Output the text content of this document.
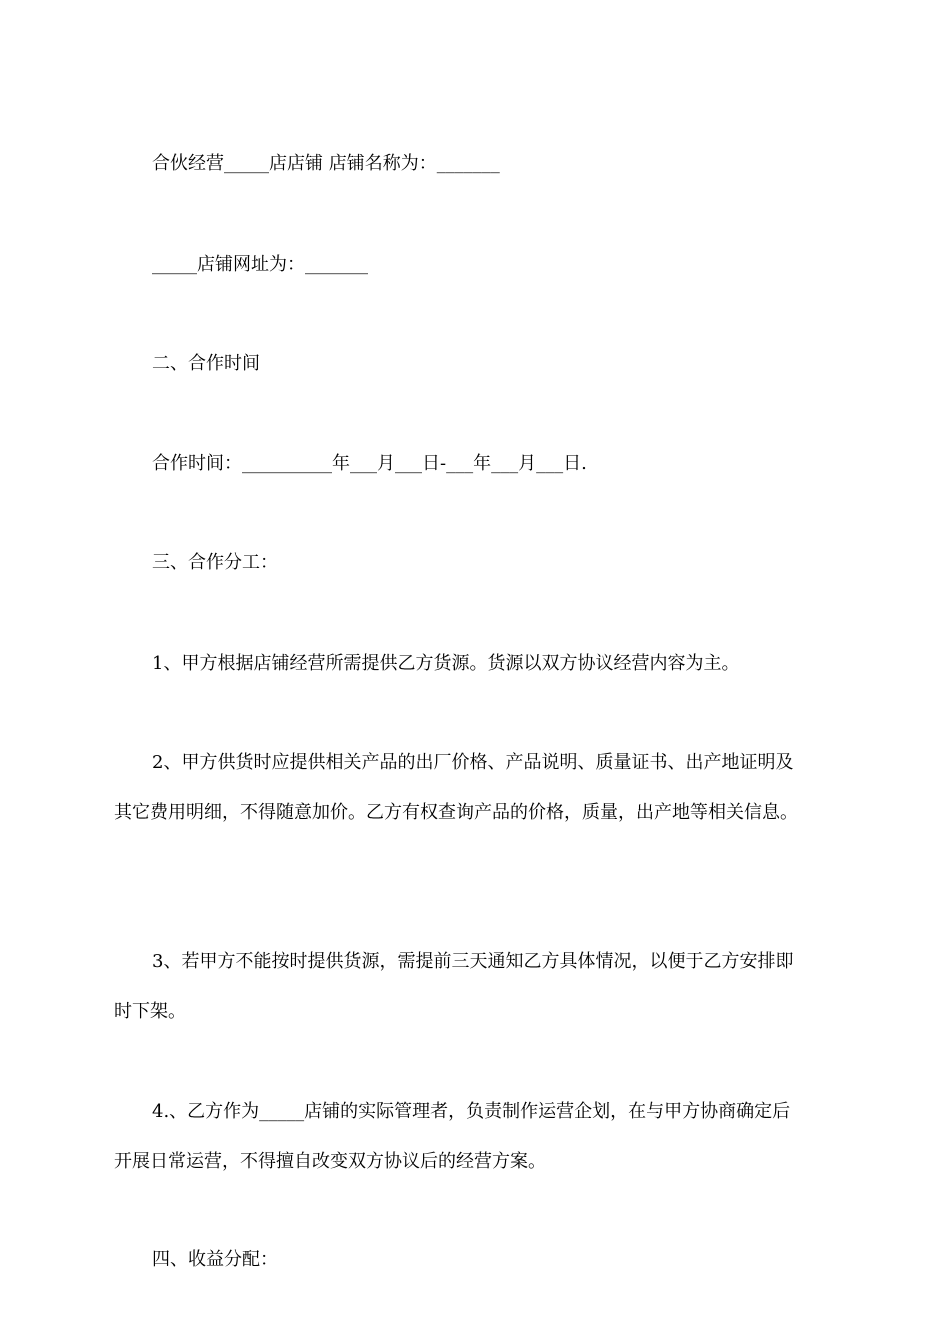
合伙经营_____店店铺 店铺名称为：_______
_____店铺网址为：_______
二、合作时间
合作时间：__________年___月___日-___年___月___日.
三、合作分工：
1、甲方根据店铺经营所需提供乙方货源。货源以双方协议经营内容为主。
2、甲方供货时应提供相关产品的出厂价格、产品说明、质量证书、出产地证明及
其它费用明细，不得随意加价。乙方有权查询产品的价格，质量，出产地等相关信息。
3、若甲方不能按时提供货源，需提前三天通知乙方具体情况，以便于乙方安排即
时下架。
4.、乙方作为_____店铺的实际管理者，负责制作运营企划，在与甲方协商确定后
开展日常运营，不得擅自改变双方协议后的经营方案。
四、收益分配：
